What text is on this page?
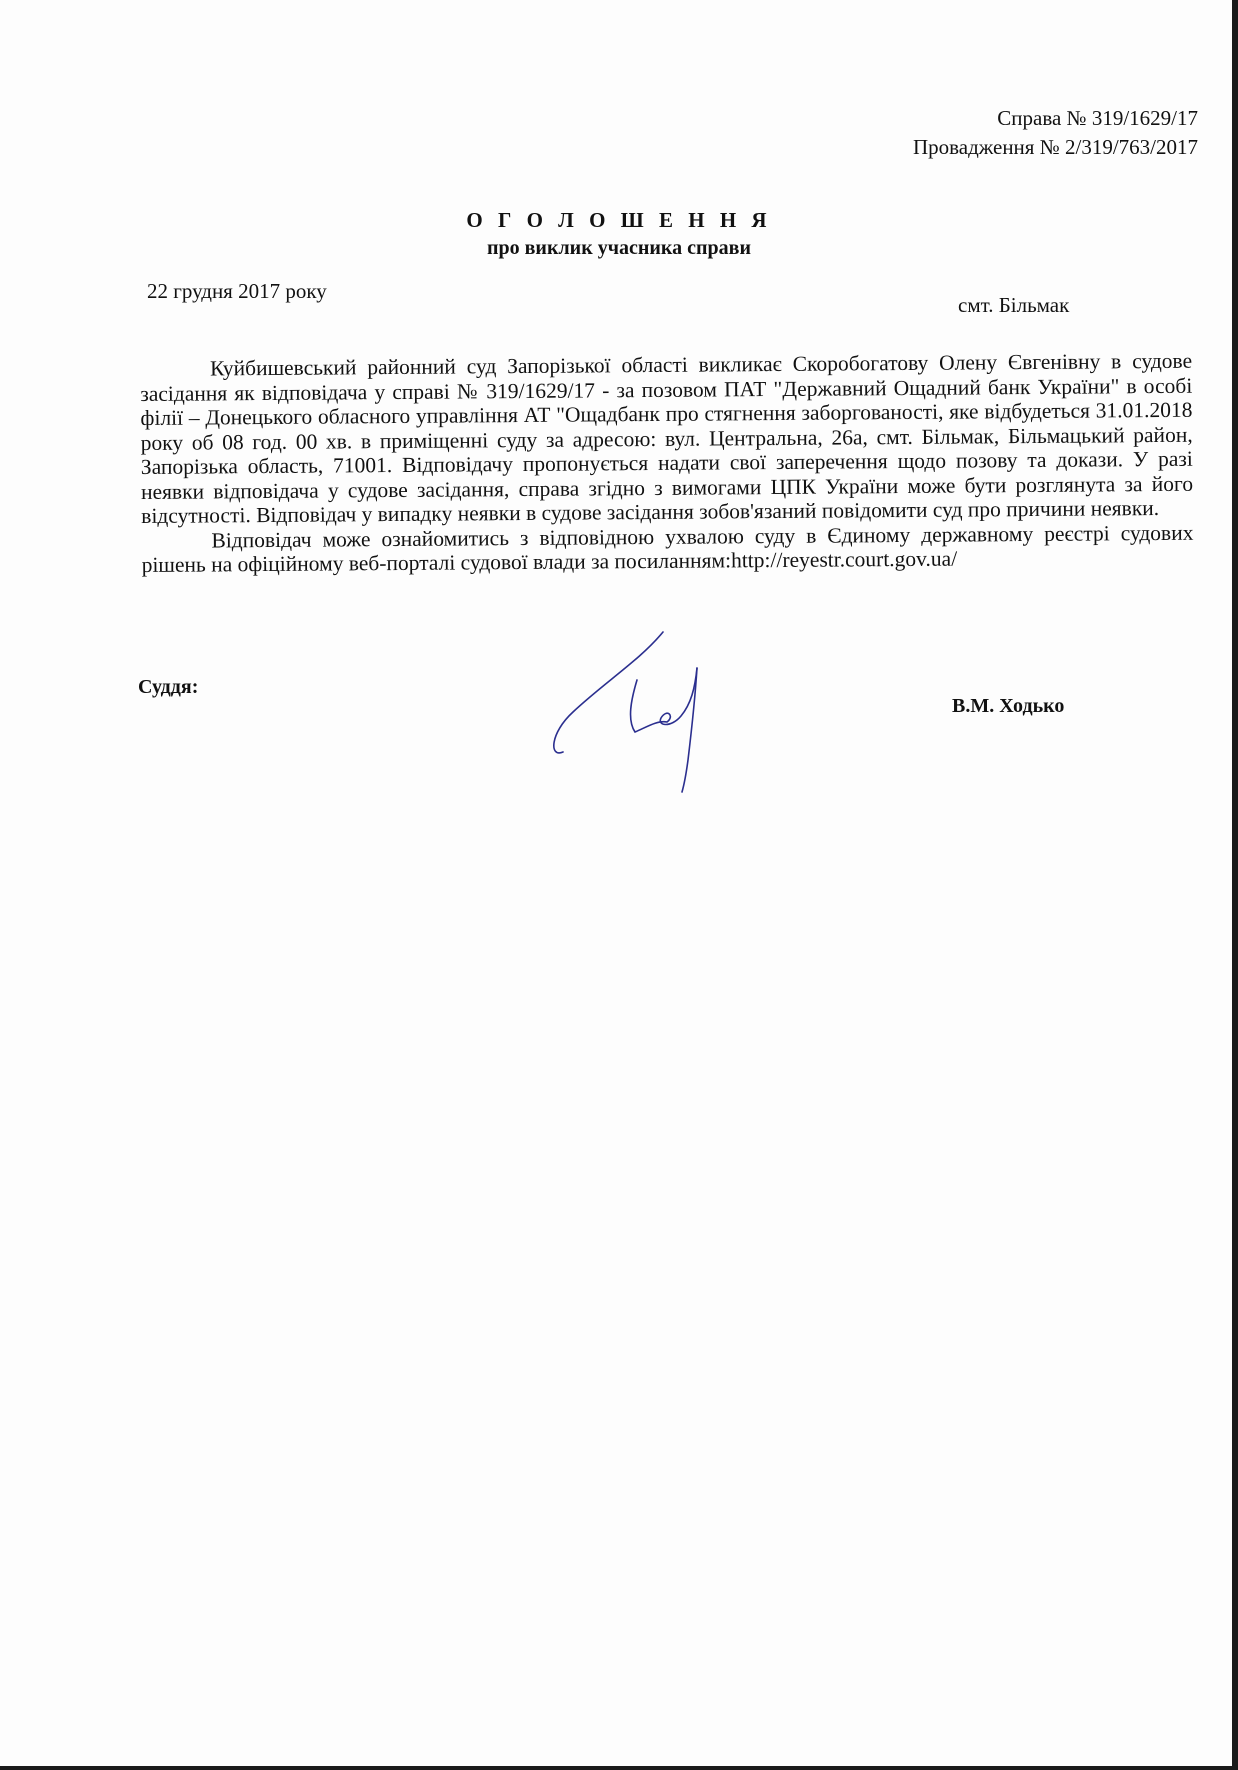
Справа № 319/1629/17
Провадження № 2/319/763/2017
О Г О Л О Ш Е Н Н Я
про виклик учасника справи
22 грудня 2017 року
смт. Більмак

Куйбишевський районний суд Запорізької області викликає Скоробогатову Олену Євгенівну в судове засідання як відповідача у справі № 319/1629/17 - за позовом ПАТ "Державний Ощадний банк України" в особі філії – Донецького обласного управління АТ "Ощадбанк про стягнення заборгованості, яке відбудеться 31.01.2018 року об 08 год. 00 хв. в приміщенні суду за адресою: вул. Центральна, 26а, смт. Більмак, Більмацький район, Запорізька область, 71001. Відповідачу пропонується надати свої заперечення щодо позову та докази. У разі неявки відповідача у судове засідання, справа згідно з вимогами ЦПК України може бути розглянута за його відсутності. Відповідач у випадку неявки в судове засідання зобов'язаний повідомити суд про причини неявки.

Відповідач може ознайомитись з відповідною ухвалою суду в Єдиному державному реєстрі судових рішень на офіційному веб-порталі судової влади за посиланням:http://reyestr.court.gov.ua/

Суддя:
В.М. Ходько
